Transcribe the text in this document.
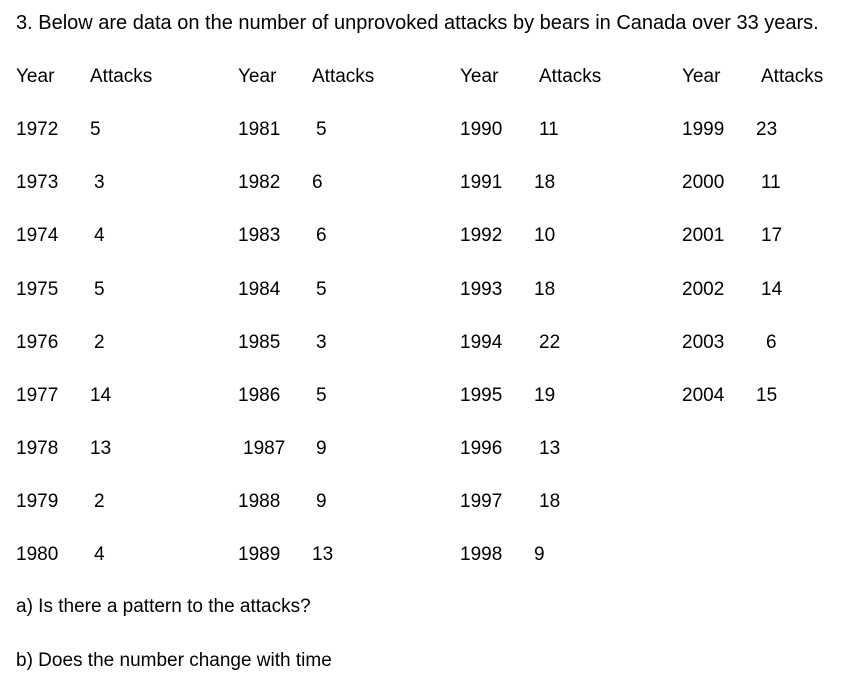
3. Below are data on the number of unprovoked attacks by bears in Canada over 33 years.
Year Attacks
1972 5
1973 3
1974 4
1975 5
1976 2
1977 14
1978 13
1979 2
1980 4
Year Attacks
1981 5
1982 6
1983 6
1984 5
1985 3
1986 5
1987 9
1988 9
1989 13
Year Attacks
1990 11
1991 18
1992 10
1993 18
1994 22
1995 19
1996 13
1997 18
1998 9
Year Attacks
1999 23
2000 11
2001 17
2002 14
2003 6
2004 15
a) Is there a pattern to the attacks?
b) Does the number change with time
